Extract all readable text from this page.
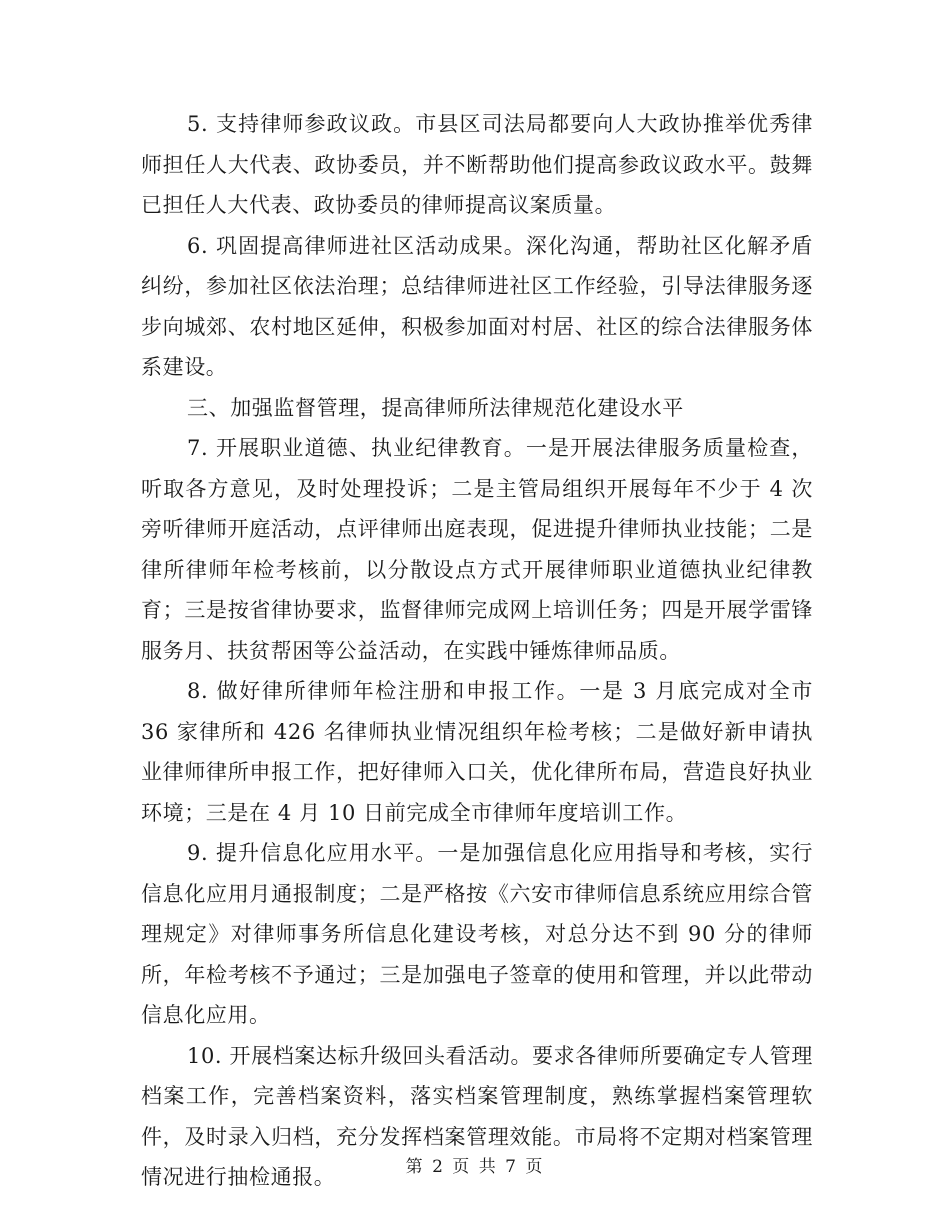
5. 支持律师参政议政。市县区司法局都要向人大政协推举优秀律师担任人大代表、政协委员，并不断帮助他们提高参政议政水平。鼓舞已担任人大代表、政协委员的律师提高议案质量。

6. 巩固提高律师进社区活动成果。深化沟通，帮助社区化解矛盾纠纷，参加社区依法治理；总结律师进社区工作经验，引导法律服务逐步向城郊、农村地区延伸，积极参加面对村居、社区的综合法律服务体系建设。

三、加强监督管理，提高律师所法律规范化建设水平

7. 开展职业道德、执业纪律教育。一是开展法律服务质量检查，听取各方意见，及时处理投诉；二是主管局组织开展每年不少于 4 次旁听律师开庭活动，点评律师出庭表现，促进提升律师执业技能；二是律所律师年检考核前，以分散设点方式开展律师职业道德执业纪律教育；三是按省律协要求，监督律师完成网上培训任务；四是开展学雷锋服务月、扶贫帮困等公益活动，在实践中锤炼律师品质。

8. 做好律所律师年检注册和申报工作。一是 3 月底完成对全市 36 家律所和 426 名律师执业情况组织年检考核；二是做好新申请执业律师律所申报工作，把好律师入口关，优化律所布局，营造良好执业环境；三是在 4 月 10 日前完成全市律师年度培训工作。

9. 提升信息化应用水平。一是加强信息化应用指导和考核，实行信息化应用月通报制度；二是严格按《六安市律师信息系统应用综合管理规定》对律师事务所信息化建设考核，对总分达不到 90 分的律师所，年检考核不予通过；三是加强电子签章的使用和管理，并以此带动信息化应用。

10. 开展档案达标升级回头看活动。要求各律师所要确定专人管理档案工作，完善档案资料，落实档案管理制度，熟练掌握档案管理软件，及时录入归档，充分发挥档案管理效能。市局将不定期对档案管理情况进行抽检通报。	第 2 页 共 7 页
